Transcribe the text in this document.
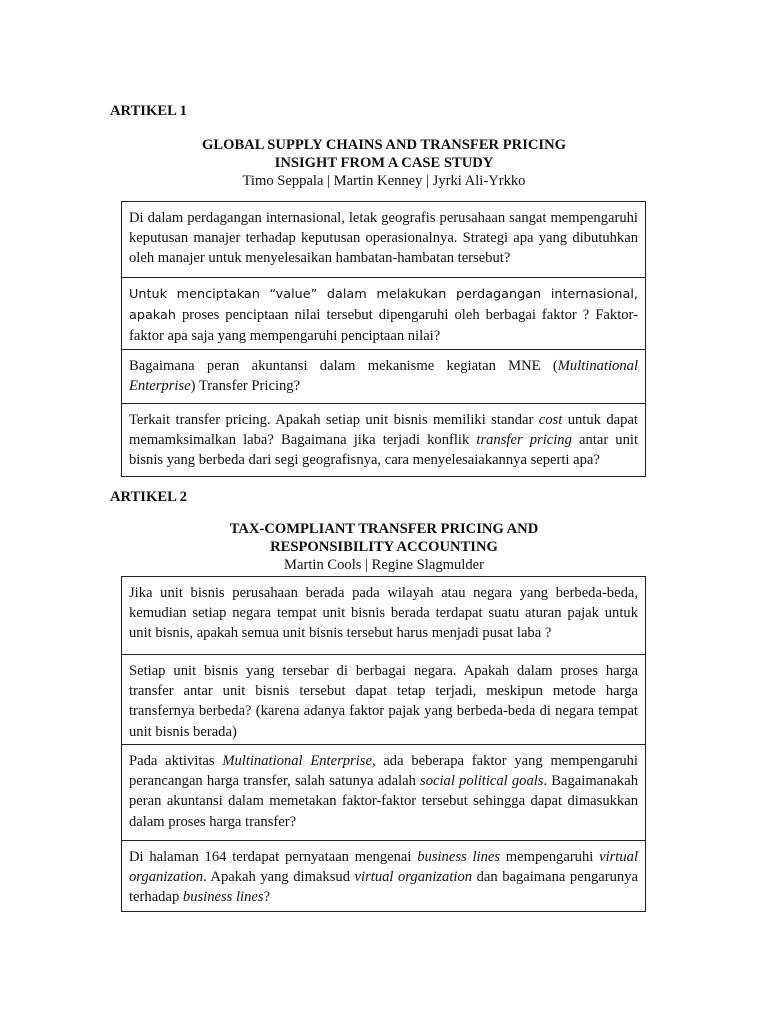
ARTIKEL 1
GLOBAL SUPPLY CHAINS AND TRANSFER PRICING
INSIGHT FROM A CASE STUDY
Timo Seppala | Martin Kenney | Jyrki Ali-Yrkko
Di dalam perdagangan internasional, letak geografis perusahaan sangat mempengaruhi keputusan manajer terhadap keputusan operasionalnya. Strategi apa yang dibutuhkan oleh manajer untuk menyelesaikan hambatan-hambatan tersebut?
Untuk menciptakan “value” dalam melakukan perdagangan internasional, apakah proses penciptaan nilai tersebut dipengaruhi oleh berbagai faktor ? Faktor-faktor apa saja yang mempengaruhi penciptaan nilai?
Bagaimana peran akuntansi dalam mekanisme kegiatan MNE (Multinational Enterprise) Transfer Pricing?
Terkait transfer pricing. Apakah setiap unit bisnis memiliki standar cost untuk dapat memamksimalkan laba? Bagaimana jika terjadi konflik transfer pricing antar unit bisnis yang berbeda dari segi geografisnya, cara menyelesaiakannya seperti apa?
ARTIKEL 2
TAX-COMPLIANT TRANSFER PRICING AND
RESPONSIBILITY ACCOUNTING
Martin Cools | Regine Slagmulder
Jika unit bisnis perusahaan berada pada wilayah atau negara yang berbeda-beda, kemudian setiap negara tempat unit bisnis berada terdapat suatu aturan pajak untuk unit bisnis, apakah semua unit bisnis tersebut harus menjadi pusat laba ?
Setiap unit bisnis yang tersebar di berbagai negara. Apakah dalam proses harga transfer antar unit bisnis tersebut dapat tetap terjadi, meskipun metode harga transfernya berbeda? (karena adanya faktor pajak yang berbeda-beda di negara tempat unit bisnis berada)
Pada aktivitas Multinational Enterprise, ada beberapa faktor yang mempengaruhi perancangan harga transfer, salah satunya adalah social political goals. Bagaimanakah peran akuntansi dalam memetakan faktor-faktor tersebut sehingga dapat dimasukkan dalam proses harga transfer?
Di halaman 164 terdapat pernyataan mengenai business lines mempengaruhi virtual organization. Apakah yang dimaksud virtual organization dan bagaimana pengarunya terhadap business lines?
